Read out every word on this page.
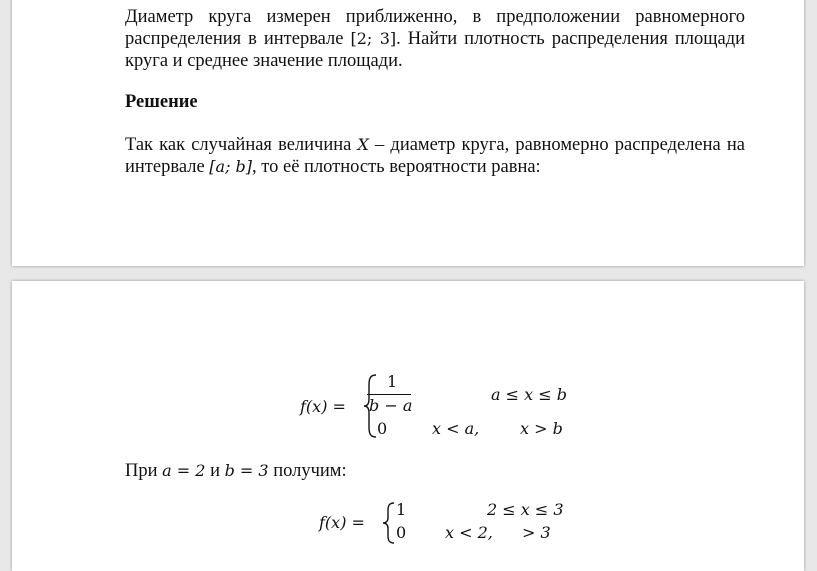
Диаметр круга измерен приближенно, в предположении равномерного
распределения в интервале [2; 3]. Найти плотность распределения площади
круга и среднее значение площади.
Решение
Так как случайная величина X – диаметр круга, равномерно распределена на
интервале [a; b], то её плотность вероятности равна:
f(x) =
1
b − a
a ≤ x ≤ b
0	x < a,	x > b
При a = 2 и b = 3 получим:
f(x) =
1	2 ≤ x ≤ 3
0 x < 2, > 3
